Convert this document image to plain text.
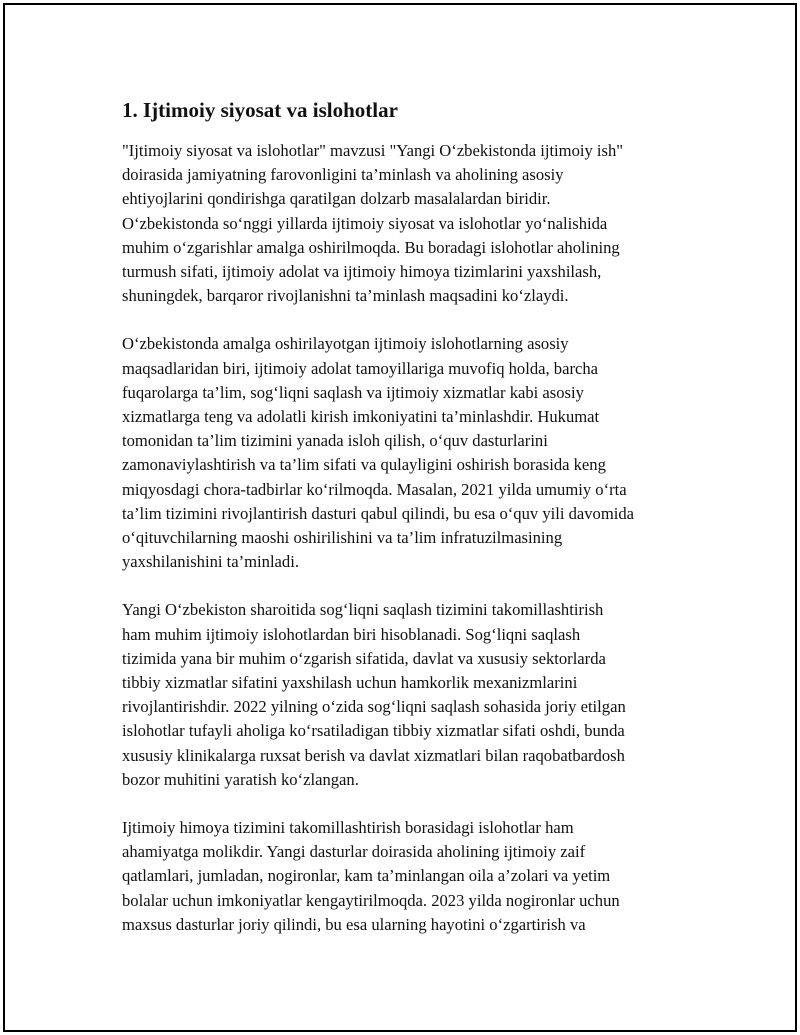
1. Ijtimoiy siyosat va islohotlar

"Ijtimoiy siyosat va islohotlar" mavzusi "Yangi O‘zbekistonda ijtimoiy ish"
doirasida jamiyatning farovonligini ta’minlash va aholining asosiy
ehtiyojlarini qondirishga qaratilgan dolzarb masalalardan biridir.
O‘zbekistonda so‘nggi yillarda ijtimoiy siyosat va islohotlar yo‘nalishida
muhim o‘zgarishlar amalga oshirilmoqda. Bu boradagi islohotlar aholining
turmush sifati, ijtimoiy adolat va ijtimoiy himoya tizimlarini yaxshilash,
shuningdek, barqaror rivojlanishni ta’minlash maqsadini ko‘zlaydi.

O‘zbekistonda amalga oshirilayotgan ijtimoiy islohotlarning asosiy
maqsadlaridan biri, ijtimoiy adolat tamoyillariga muvofiq holda, barcha
fuqarolarga ta’lim, sog‘liqni saqlash va ijtimoiy xizmatlar kabi asosiy
xizmatlarga teng va adolatli kirish imkoniyatini ta’minlashdir. Hukumat
tomonidan ta’lim tizimini yanada isloh qilish, o‘quv dasturlarini
zamonaviylashtirish va ta’lim sifati va qulayligini oshirish borasida keng
miqyosdagi chora-tadbirlar ko‘rilmoqda. Masalan, 2021 yilda umumiy o‘rta
ta’lim tizimini rivojlantirish dasturi qabul qilindi, bu esa o‘quv yili davomida
o‘qituvchilarning maoshi oshirilishini va ta’lim infratuzilmasining
yaxshilanishini ta’minladi.

Yangi O‘zbekiston sharoitida sog‘liqni saqlash tizimini takomillashtirish
ham muhim ijtimoiy islohotlardan biri hisoblanadi. Sog‘liqni saqlash
tizimida yana bir muhim o‘zgarish sifatida, davlat va xususiy sektorlarda
tibbiy xizmatlar sifatini yaxshilash uchun hamkorlik mexanizmlarini
rivojlantirishdir. 2022 yilning o‘zida sog‘liqni saqlash sohasida joriy etilgan
islohotlar tufayli aholiga ko‘rsatiladigan tibbiy xizmatlar sifati oshdi, bunda
xususiy klinikalarga ruxsat berish va davlat xizmatlari bilan raqobatbardosh
bozor muhitini yaratish ko‘zlangan.

Ijtimoiy himoya tizimini takomillashtirish borasidagi islohotlar ham
ahamiyatga molikdir. Yangi dasturlar doirasida aholining ijtimoiy zaif
qatlamlari, jumladan, nogironlar, kam ta’minlangan oila a’zolari va yetim
bolalar uchun imkoniyatlar kengaytirilmoqda. 2023 yilda nogironlar uchun
maxsus dasturlar joriy qilindi, bu esa ularning hayotini o‘zgartirish va
